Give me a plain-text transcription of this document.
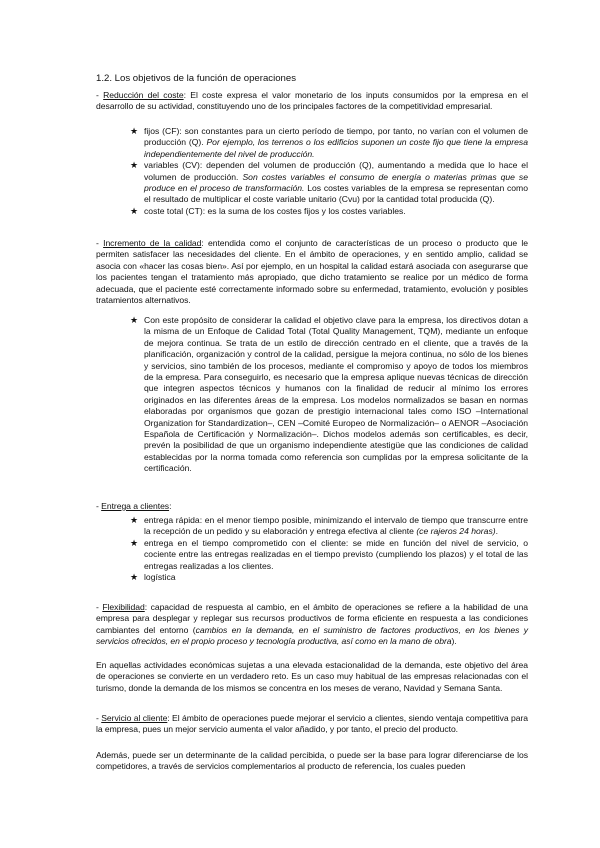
1.2. Los objetivos de la función de operaciones
- Reducción del coste: El coste expresa el valor monetario de los inputs consumidos por la empresa en el desarrollo de su actividad, constituyendo uno de los principales factores de la competitividad empresarial.
★ fijos (CF): son constantes para un cierto período de tiempo, por tanto, no varían con el volumen de producción (Q). Por ejemplo, los terrenos o los edificios suponen un coste fijo que tiene la empresa independientemente del nivel de producción.
★ variables (CV): dependen del volumen de producción (Q), aumentando a medida que lo hace el volumen de producción. Son costes variables el consumo de energía o materias primas que se produce en el proceso de transformación. Los costes variables de la empresa se representan como el resultado de multiplicar el coste variable unitario (Cvu) por la cantidad total producida (Q).
★ coste total (CT): es la suma de los costes fijos y los costes variables.
- Incremento de la calidad: entendida como el conjunto de características de un proceso o producto que le permiten satisfacer las necesidades del cliente. En el ámbito de operaciones, y en sentido amplio, calidad se asocia con «hacer las cosas bien». Así por ejemplo, en un hospital la calidad estará asociada con asegurarse que los pacientes tengan el tratamiento más apropiado, que dicho tratamiento se realice por un médico de forma adecuada, que el paciente esté correctamente informado sobre su enfermedad, tratamiento, evolución y posibles tratamientos alternativos.
★ Con este propósito de considerar la calidad el objetivo clave para la empresa, los directivos dotan a la misma de un Enfoque de Calidad Total (Total Quality Management, TQM), mediante un enfoque de mejora continua. Se trata de un estilo de dirección centrado en el cliente, que a través de la planificación, organización y control de la calidad, persigue la mejora continua, no sólo de los bienes y servicios, sino también de los procesos, mediante el compromiso y apoyo de todos los miembros de la empresa. Para conseguirlo, es necesario que la empresa aplique nuevas técnicas de dirección que integren aspectos técnicos y humanos con la finalidad de reducir al mínimo los errores originados en las diferentes áreas de la empresa. Los modelos normalizados se basan en normas elaboradas por organismos que gozan de prestigio internacional tales como ISO –International Organization for Standardization–, CEN –Comité Europeo de Normalización– o AENOR –Asociación Española de Certificación y Normalización–. Dichos modelos además son certificables, es decir, prevén la posibilidad de que un organismo independiente atestigüe que las condiciones de calidad establecidas por la norma tomada como referencia son cumplidas por la empresa solicitante de la certificación.
- Entrega a clientes:
★ entrega rápida: en el menor tiempo posible, minimizando el intervalo de tiempo que transcurre entre la recepción de un pedido y su elaboración y entrega efectiva al cliente (ce rajeros 24 horas).
★ entrega en el tiempo comprometido con el cliente: se mide en función del nivel de servicio, o cociente entre las entregas realizadas en el tiempo previsto (cumpliendo los plazos) y el total de las entregas realizadas a los clientes.
★ logística
- Flexibilidad: capacidad de respuesta al cambio, en el ámbito de operaciones se refiere a la habilidad de una empresa para desplegar y replegar sus recursos productivos de forma eficiente en respuesta a las condiciones cambiantes del entorno (cambios en la demanda, en el suministro de factores productivos, en los bienes y servicios ofrecidos, en el propio proceso y tecnología productiva, así como en la mano de obra).
En aquellas actividades económicas sujetas a una elevada estacionalidad de la demanda, este objetivo del área de operaciones se convierte en un verdadero reto. Es un caso muy habitual de las empresas relacionadas con el turismo, donde la demanda de los mismos se concentra en los meses de verano, Navidad y Semana Santa.
- Servicio al cliente: El ámbito de operaciones puede mejorar el servicio a clientes, siendo ventaja competitiva para la empresa, pues un mejor servicio aumenta el valor añadido, y por tanto, el precio del producto.
Además, puede ser un determinante de la calidad percibida, o puede ser la base para lograr diferenciarse de los competidores, a través de servicios complementarios al producto de referencia, los cuales pueden
